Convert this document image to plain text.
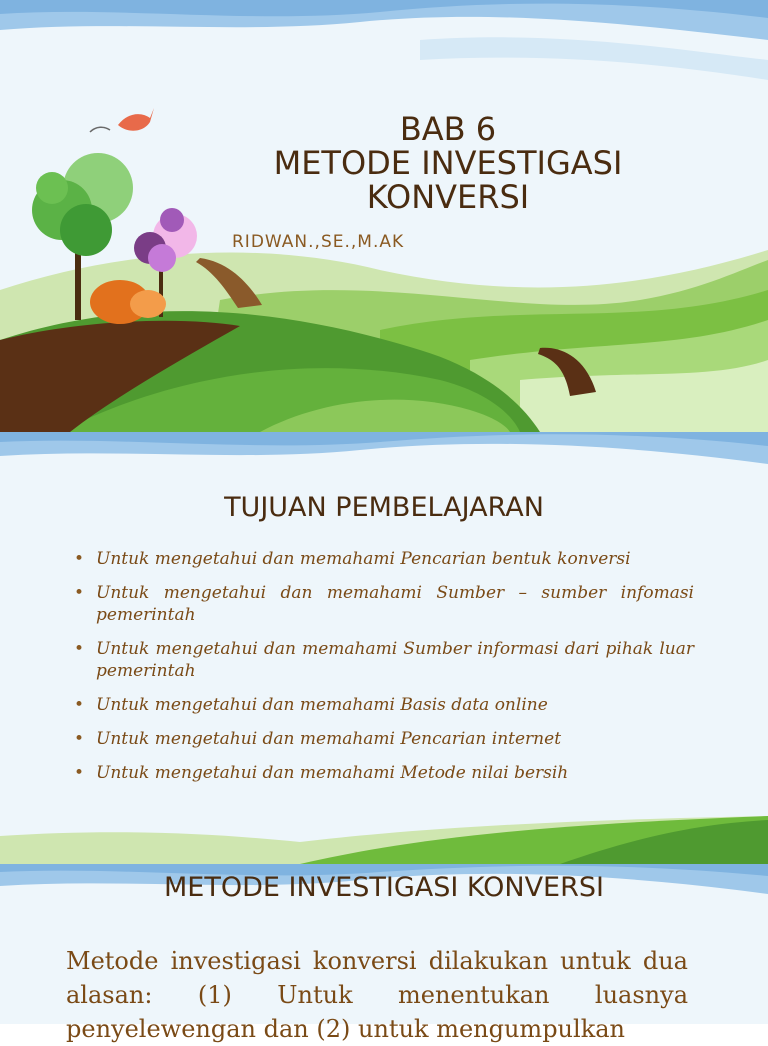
BAB 6
METODE INVESTIGASI
KONVERSI
RIDWAN.,SE.,M.AK
TUJUAN PEMBELAJARAN
• Untuk mengetahui dan memahami Pencarian bentuk konversi
• Untuk mengetahui dan memahami Sumber – sumber infomasi pemerintah
• Untuk mengetahui dan memahami Sumber informasi dari pihak luar pemerintah
• Untuk mengetahui dan memahami Basis data online
• Untuk mengetahui dan memahami Pencarian internet
• Untuk mengetahui dan memahami Metode nilai bersih
METODE INVESTIGASI KONVERSI
Metode investigasi konversi dilakukan untuk dua alasan: (1) Untuk menentukan luasnya penyelewengan dan (2) untuk mengumpulkan
